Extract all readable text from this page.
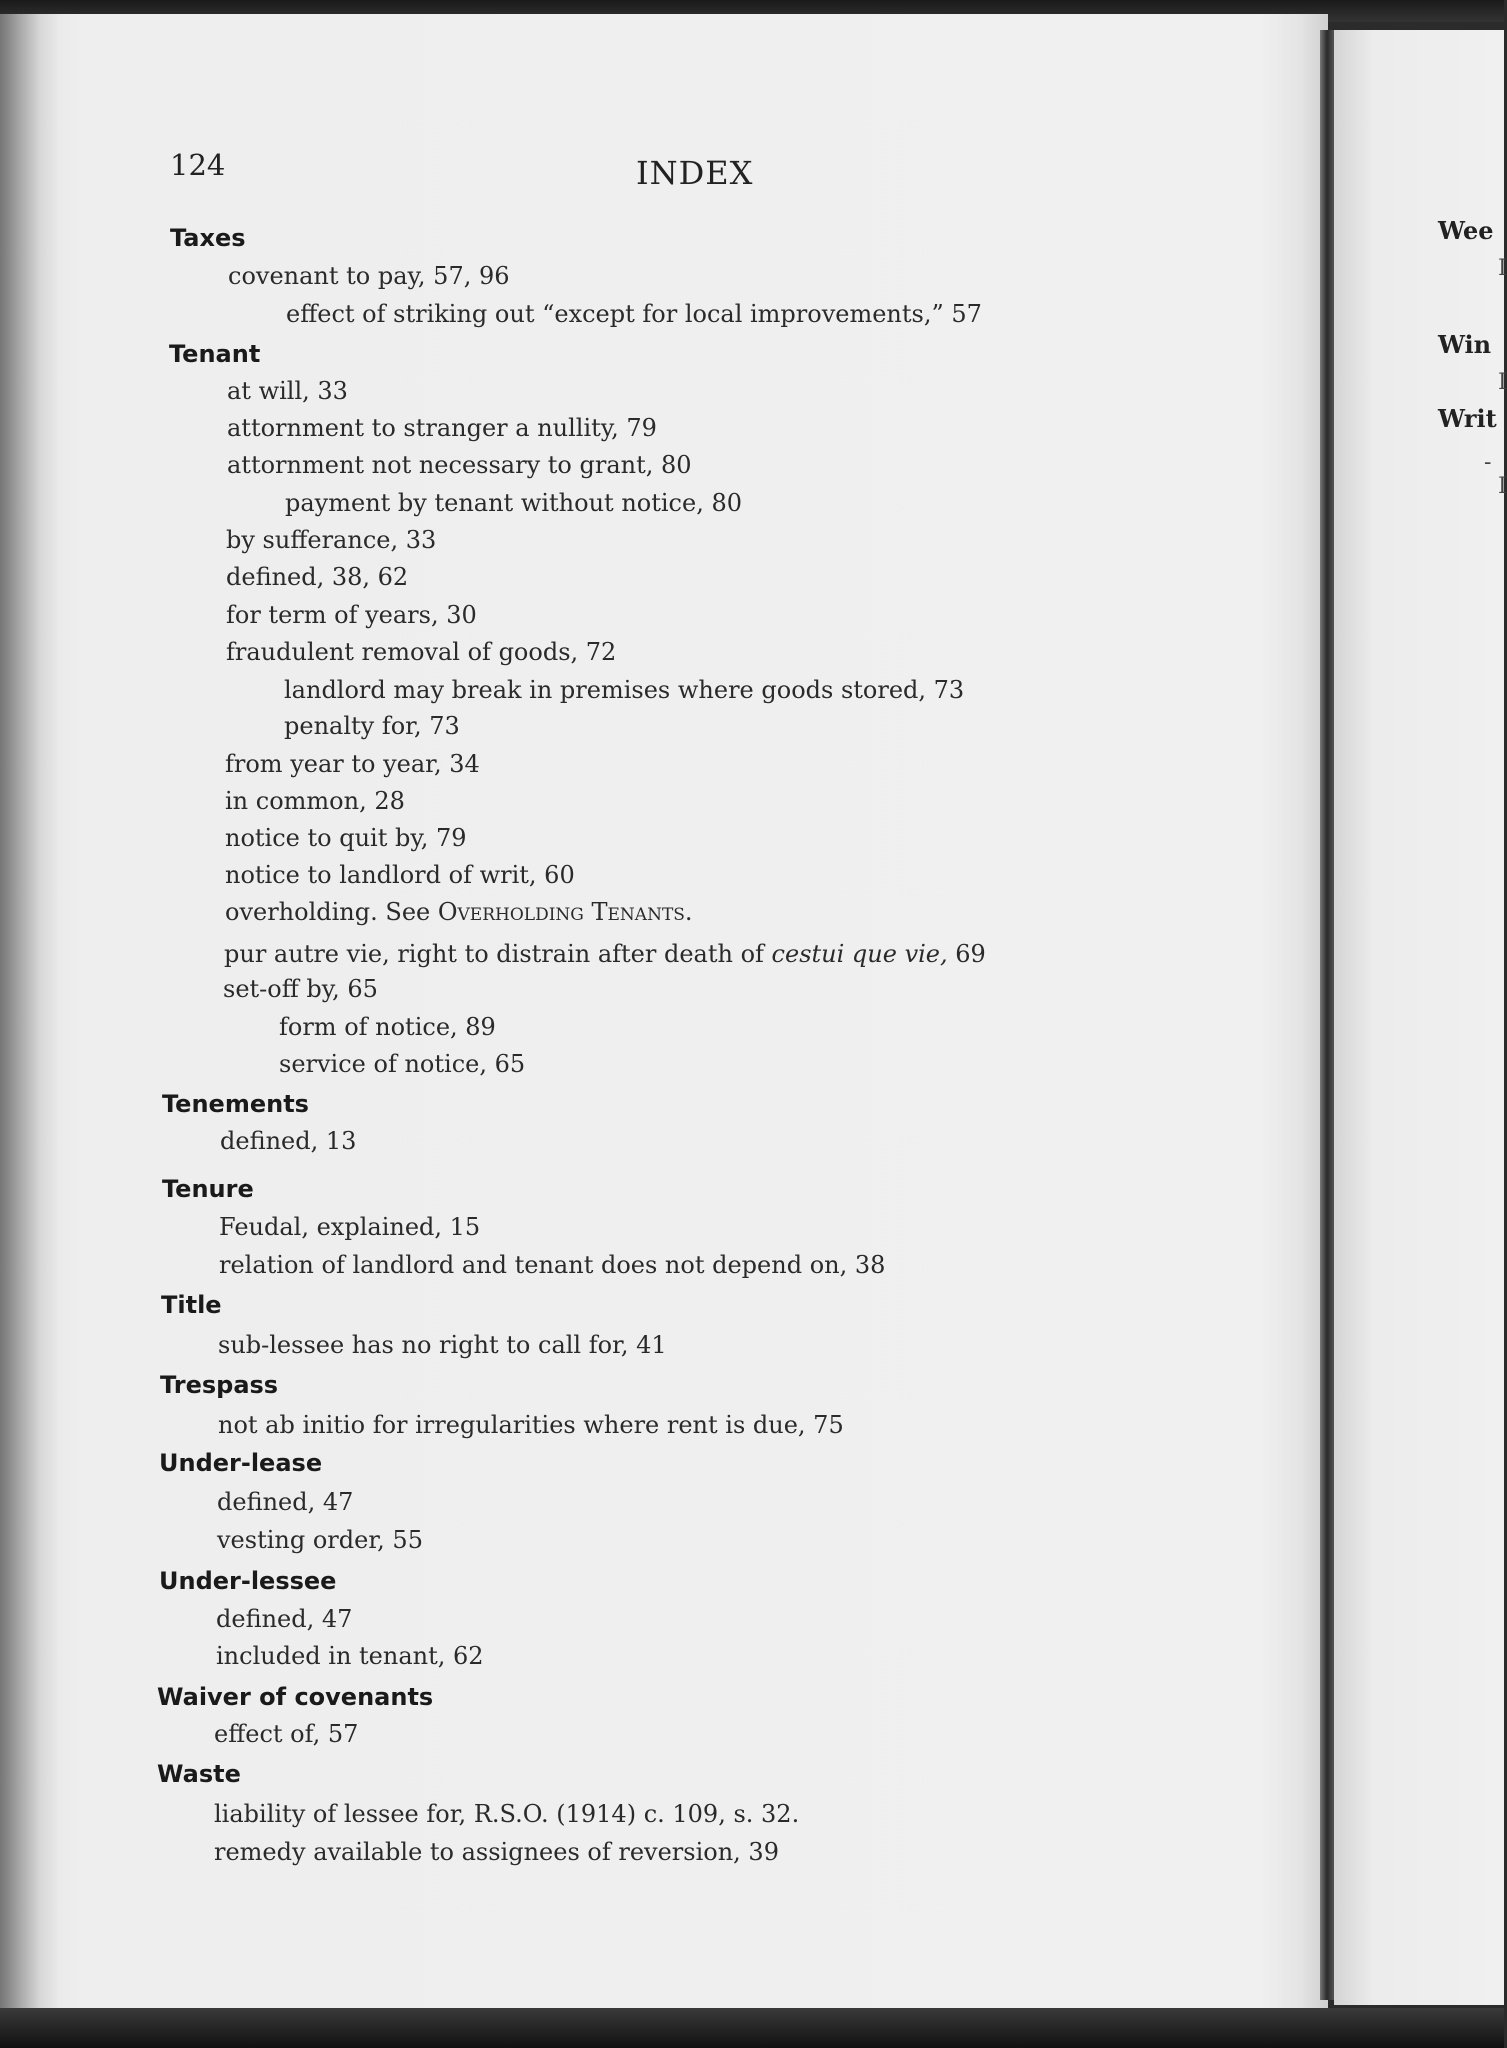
Wee
I
Win
I
Writ
-
I
124	INDEX
Taxes
covenant to pay, 57, 96
effect of striking out “except for local improvements,” 57
Tenant
at will, 33
attornment to stranger a nullity, 79
attornment not necessary to grant, 80
payment by tenant without notice, 80
by sufferance, 33
defined, 38, 62
for term of years, 30
fraudulent removal of goods, 72
landlord may break in premises where goods stored, 73
penalty for, 73
from year to year, 34
in common, 28
notice to quit by, 79
notice to landlord of writ, 60
overholding. See Overholding Tenants.
pur autre vie, right to distrain after death of cestui que vie, 69
set-off by, 65
form of notice, 89
service of notice, 65
Tenements
defined, 13
Tenure
Feudal, explained, 15
relation of landlord and tenant does not depend on, 38
Title
sub-lessee has no right to call for, 41
Trespass
not ab initio for irregularities where rent is due, 75
Under-lease
defined, 47
vesting order, 55
Under-lessee
defined, 47
included in tenant, 62
Waiver of covenants
effect of, 57
Waste
liability of lessee for, R.S.O. (1914) c. 109, s. 32.
remedy available to assignees of reversion, 39
